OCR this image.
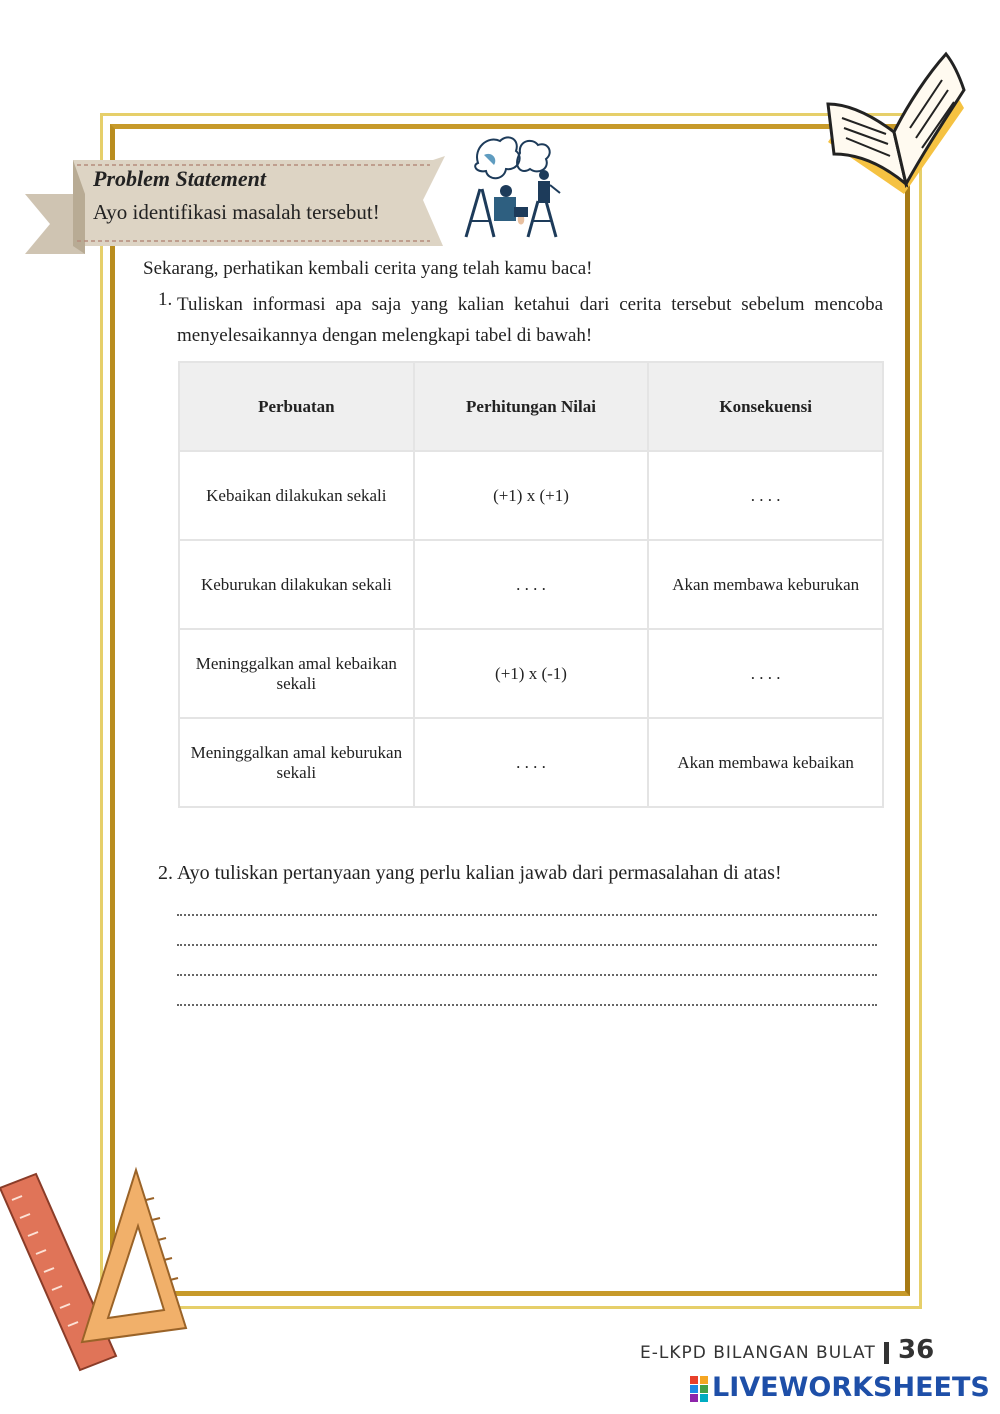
Problem Statement
Ayo identifikasi masalah tersebut!
Sekarang, perhatikan kembali cerita yang telah kamu baca!
1. Tuliskan informasi apa saja yang kalian ketahui dari cerita tersebut sebelum mencoba menyelesaikannya dengan melengkapi tabel di bawah!
Perbuatan	Perhitungan Nilai	Konsekuensi
Kebaikan dilakukan sekali	(+1) x (+1)	. . . .
Keburukan dilakukan sekali	. . . .	Akan membawa keburukan
Meninggalkan amal kebaikan sekali	(+1) x (-1)	. . . .
Meninggalkan amal keburukan sekali	. . . .	Akan membawa kebaikan
2. Ayo tuliskan pertanyaan yang perlu kalian jawab dari permasalahan di atas!
E-LKPD BILANGAN BULAT 36
LIVEWORKSHEETS
